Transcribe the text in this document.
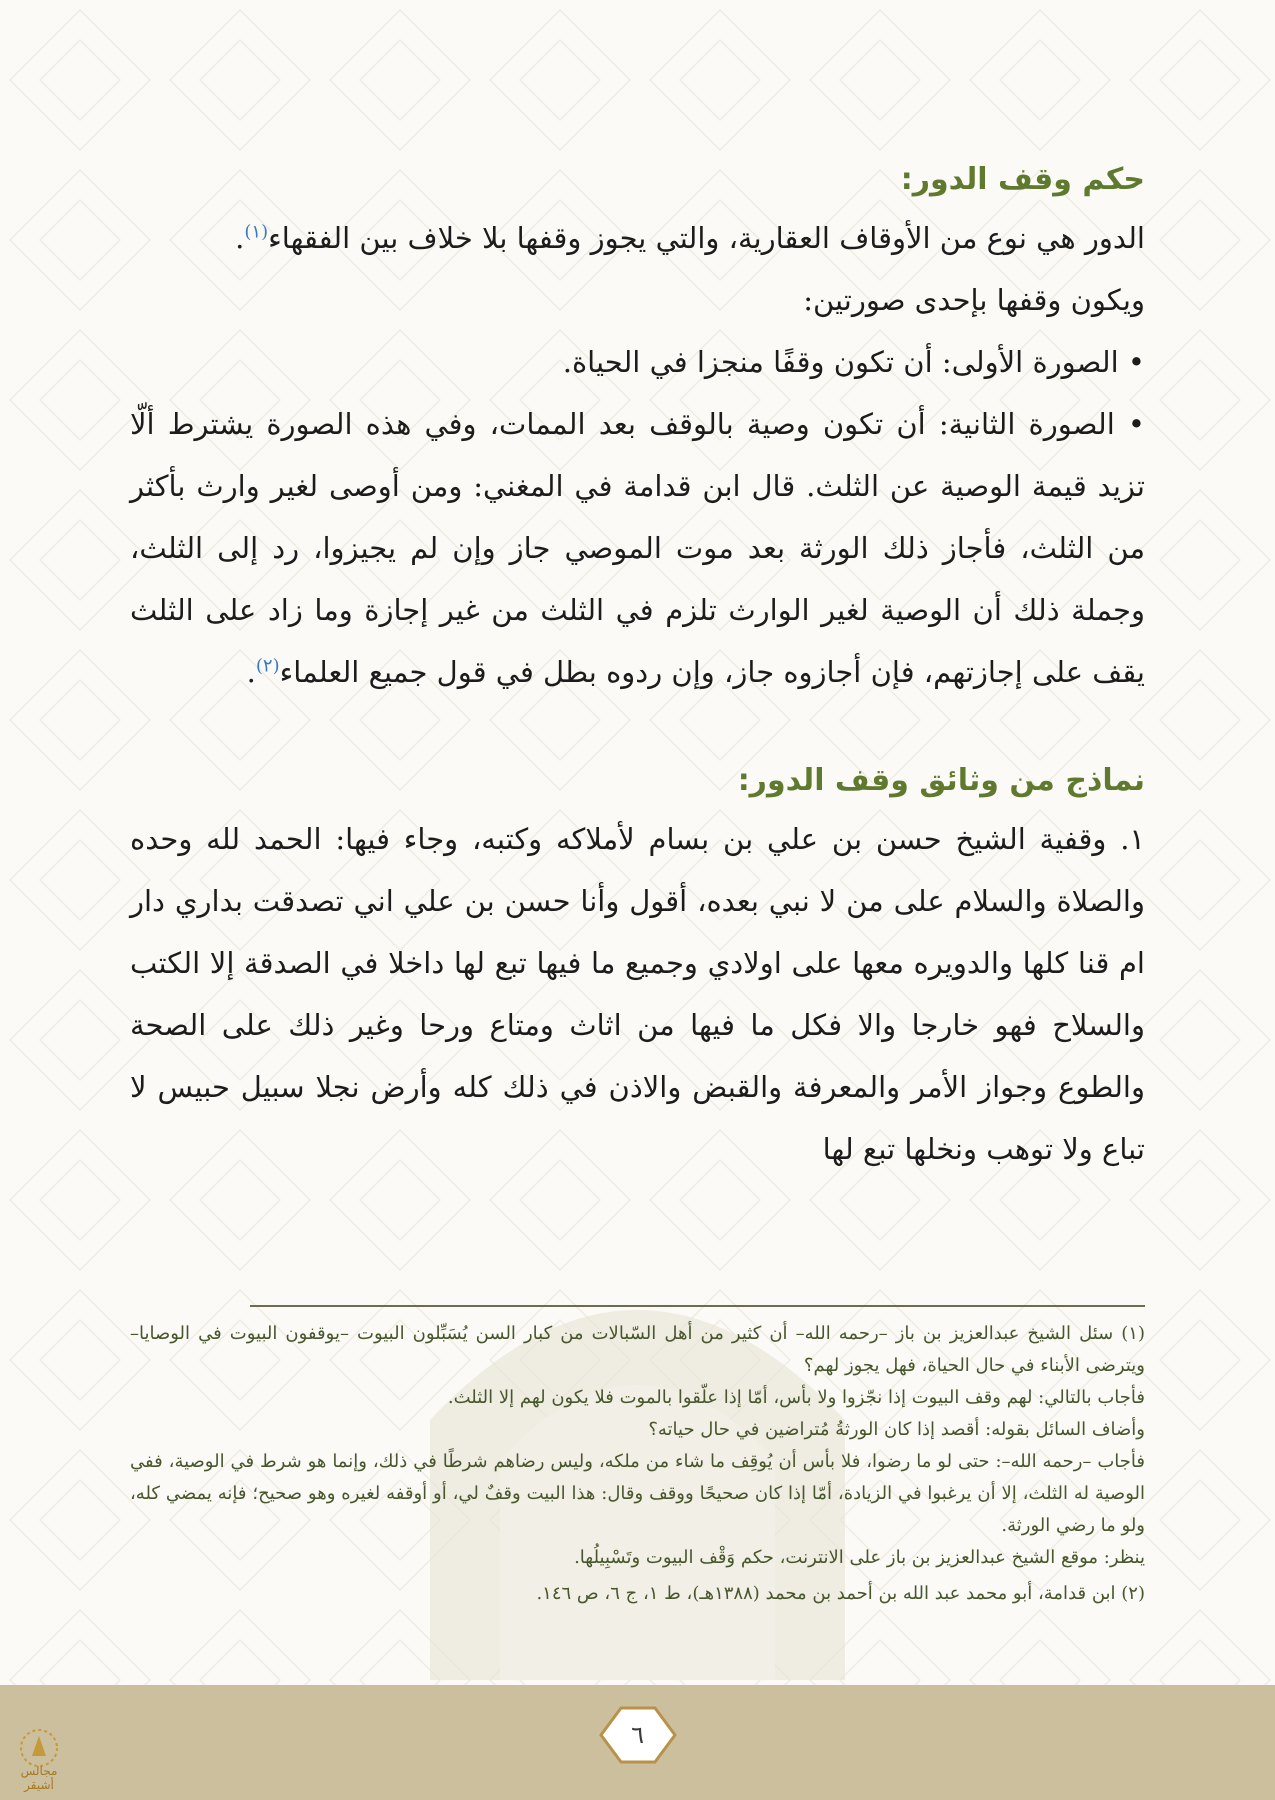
حكم وقف الدور:

الدور هي نوع من الأوقاف العقارية، والتي يجوز وقفها بلا خلاف بين الفقهاء$^{(١)}$.

ويكون وقفها بإحدى صورتين:

• الصورة الأولى: أن تكون وقفًا منجزا في الحياة.

• الصورة الثانية: أن تكون وصية بالوقف بعد الممات، وفي هذه الصورة يشترط ألّا تزيد قيمة الوصية عن الثلث. قال ابن قدامة في المغني: ومن أوصى لغير وارث بأكثر من الثلث، فأجاز ذلك الورثة بعد موت الموصي جاز وإن لم يجيزوا، رد إلى الثلث، وجملة ذلك أن الوصية لغير الوارث تلزم في الثلث من غير إجازة وما زاد على الثلث يقف على إجازتهم، فإن أجازوه جاز، وإن ردوه بطل في قول جميع العلماء$^{(٢)}$.

نماذج من وثائق وقف الدور:

١. وقفية الشيخ حسن بن علي بن بسام لأملاكه وكتبه، وجاء فيها: الحمد لله وحده والصلاة والسلام على من لا نبي بعده، أقول وأنا حسن بن علي اني تصدقت بداري دار ام قنا كلها والدويره معها على اولادي وجميع ما فيها تبع لها داخلا في الصدقة إلا الكتب والسلاح فهو خارجا والا فكل ما فيها من اثاث ومتاع ورحا وغير ذلك على الصحة والطوع وجواز الأمر والمعرفة والقبض والاذن في ذلك كله وأرض نجلا سبيل حبيس لا تباع ولا توهب ونخلها تبع لها

(١) سئل الشيخ عبدالعزيز بن باز –رحمه الله– أن كثير من أهل السّبالات من كبار السن يُسَبِّلون البيوت –يوقفون البيوت في الوصايا– ويترضى الأبناء في حال الحياة، فهل يجوز لهم؟
فأجاب بالتالي: لهم وقف البيوت إذا نجّزوا ولا بأس، أمّا إذا علّقوا بالموت فلا يكون لهم إلا الثلث.
وأضاف السائل بقوله: أقصد إذا كان الورثةُ مُتراضين في حال حياته؟
فأجاب –رحمه الله–: حتى لو ما رضوا، فلا بأس أن يُوقِف ما شاء من ملكه، وليس رضاهم شرطًا في ذلك، وإنما هو شرط في الوصية، ففي الوصية له الثلث، إلا أن يرغبوا في الزيادة، أمّا إذا كان صحيحًا ووقف وقال: هذا البيت وقفٌ لي، أو أوقفه لغيره وهو صحيح؛ فإنه يمضي كله، ولو ما رضي الورثة.
ينظر: موقع الشيخ عبدالعزيز بن باز على الانترنت، حكم وَقْف البيوت وتَسْبِيلُها.

(٢) ابن قدامة، أبو محمد عبد الله بن أحمد بن محمد (١٣٨٨هـ)، ط ١، ج ٦، ص ١٤٦.

٦
مجالس أشيقر
